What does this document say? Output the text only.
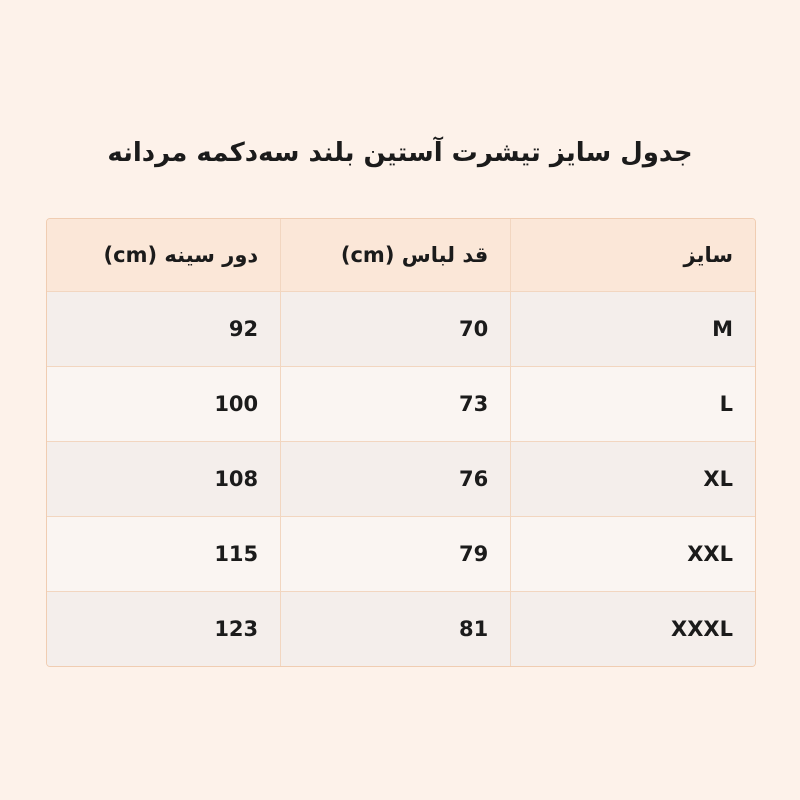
جدول سایز تیشرت آستین بلند سه‌دکمه مردانه
سایز	قد لباس (cm)	دور سینه (cm)
M	70	92
L	73	100
XL	76	108
XXL	79	115
XXXL	81	123
